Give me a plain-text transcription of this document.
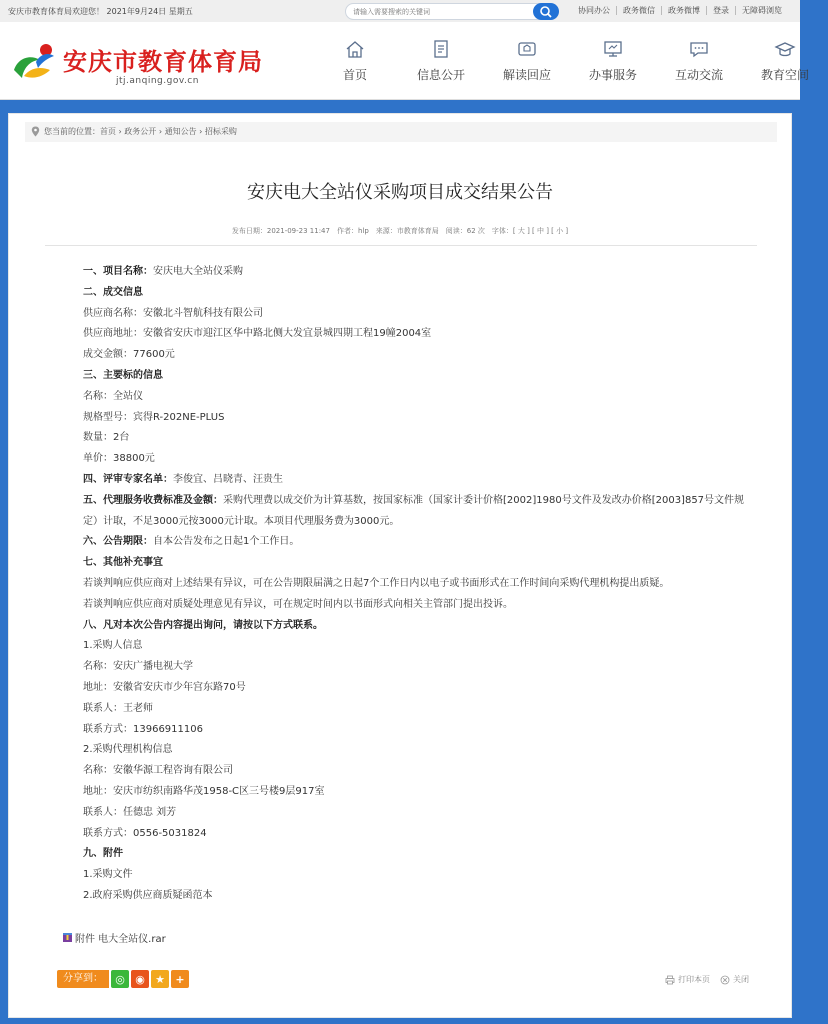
安庆市教育体育局欢迎您！ 2021年9月24日 星期五
请输入需要搜索的关键词	协同办公	政务微信	政务微博	登录	无障碍浏览
安庆市教育体育局
jtj.anqing.gov.cn	首页	信息公开	解读回应	办事服务	互动交流	教育空间
您当前的位置：首页 › 政务公开 › 通知公告 › 招标采购
安庆电大全站仪采购项目成交结果公告
发布日期：2021-09-23 11:47　作者：hlp　来源：市教育体育局　阅读：62 次　字体：[ 大 ] [ 中 ] [ 小 ]
一、项目名称：安庆电大全站仪采购
二、成交信息
供应商名称：安徽北斗智航科技有限公司
供应商地址：安徽省安庆市迎江区华中路北侧大发宜景城四期工程19幢2004室
成交金额：77600元
三、主要标的信息
名称：全站仪
规格型号：宾得R-202NE-PLUS
数量：2台
单价：38800元
四、评审专家名单：李俊宜、吕晓青、汪贵生
五、代理服务收费标准及金额：采购代理费以成交价为计算基数，按国家标准（国家计委计价格[2002]1980号文件及发改办价格[2003]857号文件规定）计取，不足3000元按3000元计取。本项目代理服务费为3000元。
六、公告期限：自本公告发布之日起1个工作日。
七、其他补充事宜
若谈判响应供应商对上述结果有异议，可在公告期限届满之日起7个工作日内以电子或书面形式在工作时间向采购代理机构提出质疑。
若谈判响应供应商对质疑处理意见有异议，可在规定时间内以书面形式向相关主管部门提出投诉。
八、凡对本次公告内容提出询问，请按以下方式联系。
1.采购人信息
名称：安庆广播电视大学
地址：安徽省安庆市少年宫东路70号
联系人：王老师
联系方式：13966911106
2.采购代理机构信息
名称：安徽华源工程咨询有限公司
地址：安庆市纺织南路华茂1958-C区三号楼9层917室
联系人：任德忠 刘芳
联系方式：0556-5031824
九、附件
1.采购文件
2.政府采购供应商质疑函范本
附件 电大全站仪.rar
分享到：	◎ ◉ ★ +	打印本页	关闭
